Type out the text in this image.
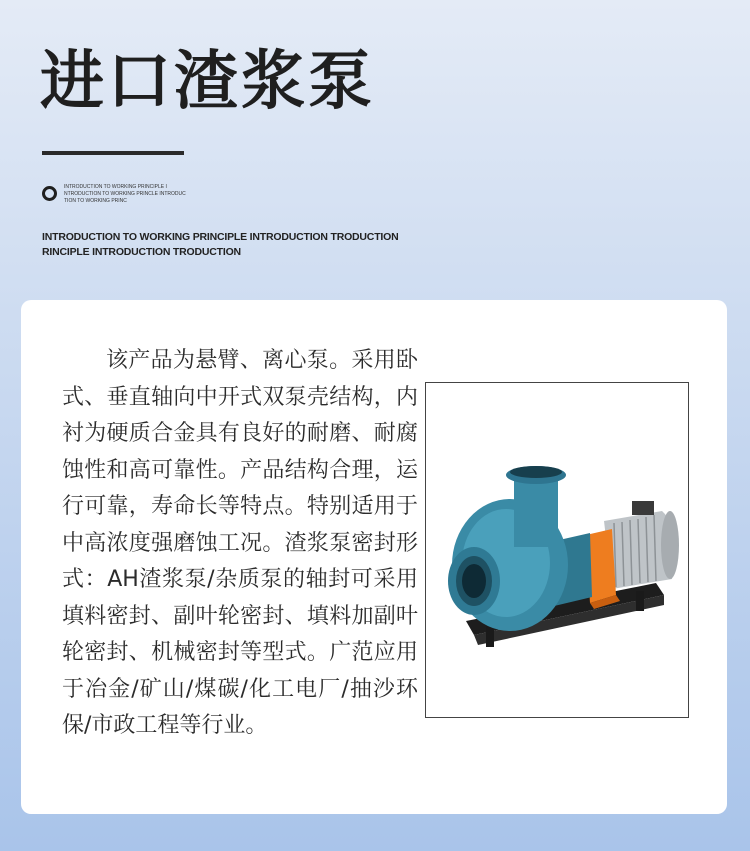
进口渣浆泵
INTRODUCTION TO WORKING PRINCIPLE I NTRODUCTION TO WORKING PRINCLE INTRODUC TION TO WORKING PRINC
INTRODUCTION TO WORKING PRINCIPLE INTRODUCTION TRODUCTION RINCIPLE INTRODUCTION TRODUCTION

该产品为悬臂、离心泵。采用卧式、垂直轴向中开式双泵壳结构，内衬为硬质合金具有良好的耐磨、耐腐蚀性和高可靠性。产品结构合理，运行可靠，寿命长等特点。特别适用于中高浓度强磨蚀工况。渣浆泵密封形式：AH渣浆泵/杂质泵的轴封可采用填料密封、副叶轮密封、填料加副叶轮密封、机械密封等型式。广范应用于冶金/矿山/煤碳/化工电厂/抽沙环保/市政工程等行业。
